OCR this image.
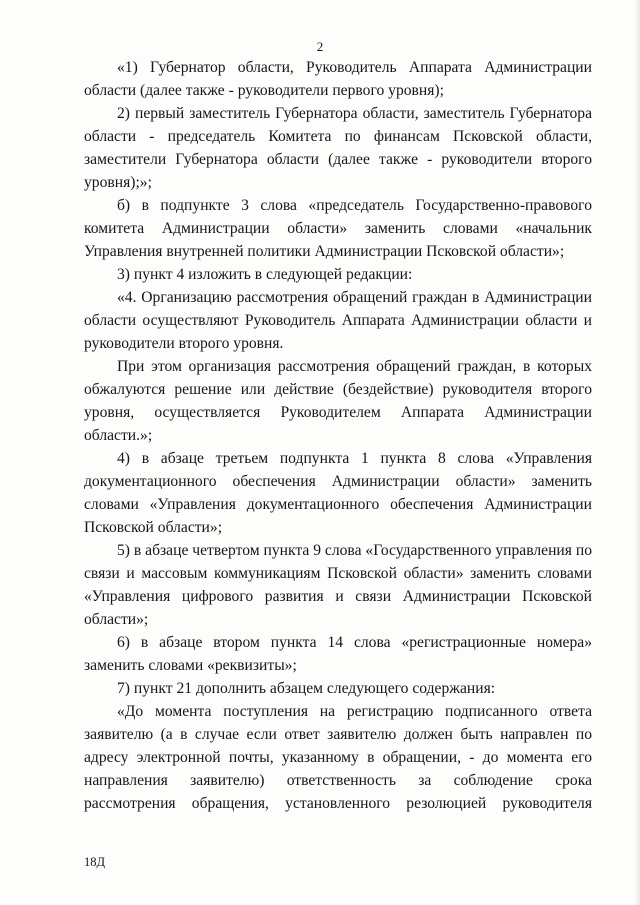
2

«1) Губернатор области, Руководитель Аппарата Администрации области (далее также - руководители первого уровня);

2) первый заместитель Губернатора области, заместитель Губернатора области - председатель Комитета по финансам Псковской области, заместители Губернатора области (далее также - руководители второго уровня);»;

б) в подпункте 3 слова «председатель Государственно-правового комитета Администрации области» заменить словами «начальник Управления внутренней политики Администрации Псковской области»;

3) пункт 4 изложить в следующей редакции:

«4. Организацию рассмотрения обращений граждан в Администрации области осуществляют Руководитель Аппарата Администрации области и руководители второго уровня.

При этом организация рассмотрения обращений граждан, в которых обжалуются решение или действие (бездействие) руководителя второго уровня, осуществляется Руководителем Аппарата Администрации области.»;

4) в абзаце третьем подпункта 1 пункта 8 слова «Управления документационного обеспечения Администрации области» заменить словами «Управления документационного обеспечения Администрации Псковской области»;

5) в абзаце четвертом пункта 9 слова «Государственного управления по связи и массовым коммуникациям Псковской области» заменить словами «Управления цифрового развития и связи Администрации Псковской области»;

6) в абзаце втором пункта 14 слова «регистрационные номера» заменить словами «реквизиты»;

7) пункт 21 дополнить абзацем следующего содержания:

«До момента поступления на регистрацию подписанного ответа заявителю (а в случае если ответ заявителю должен быть направлен по адресу электронной почты, указанному в обращении, - до момента его направления заявителю) ответственность за соблюдение срока рассмотрения обращения, установленного резолюцией руководителя

18Д
